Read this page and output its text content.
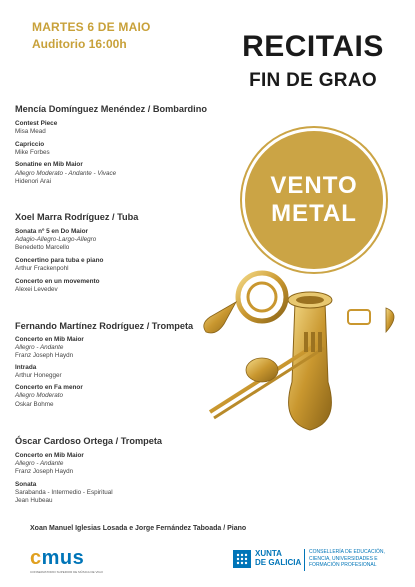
MARTES 6 DE MAIO
Auditorio 16:00h	RECITAIS
FIN DE GRAO
VENTO
METAL
Mencía Domínguez Menéndez / Bombardino
Contest Piece
Misa Mead
Capriccio
Mike Forbes
Sonatine en Mib Maior
Allegro Moderato - Andante - Vivace
Hidenori Arai
Xoel Marra Rodríguez / Tuba
Sonata nº 5 en Do Maior
Adagio-Allegro-Largo-Allegro
Benedetto Marcello
Concertino para tuba e piano
Arthur Frackenpohl
Concerto en un movemento
Alexei Levedev
Fernando Martínez Rodríguez / Trompeta
Concerto en Mib Maior
Allegro - Andante
Franz Joseph Haydn
Intrada
Arthur Honegger
Concerto en Fa menor
Allegro Moderato
Oskar Bohme
Óscar Cardoso Ortega / Trompeta
Concerto en Mib Maior
Allegro - Andante
Franz Joseph Haydn
Sonata
Sarabanda - Intermedio - Espiritual
Jean Hubeau
Xoan Manuel Iglesias Losada e Jorge Fernández Taboada / Piano
cmus
CONSERVATORIO SUPERIOR DE MÚSICA DE VIGO
XUNTA
DE GALICIA
CONSELLERÍA DE EDUCACIÓN,
CIENCIA, UNIVERSIDADES E
FORMACIÓN PROFESIONAL
